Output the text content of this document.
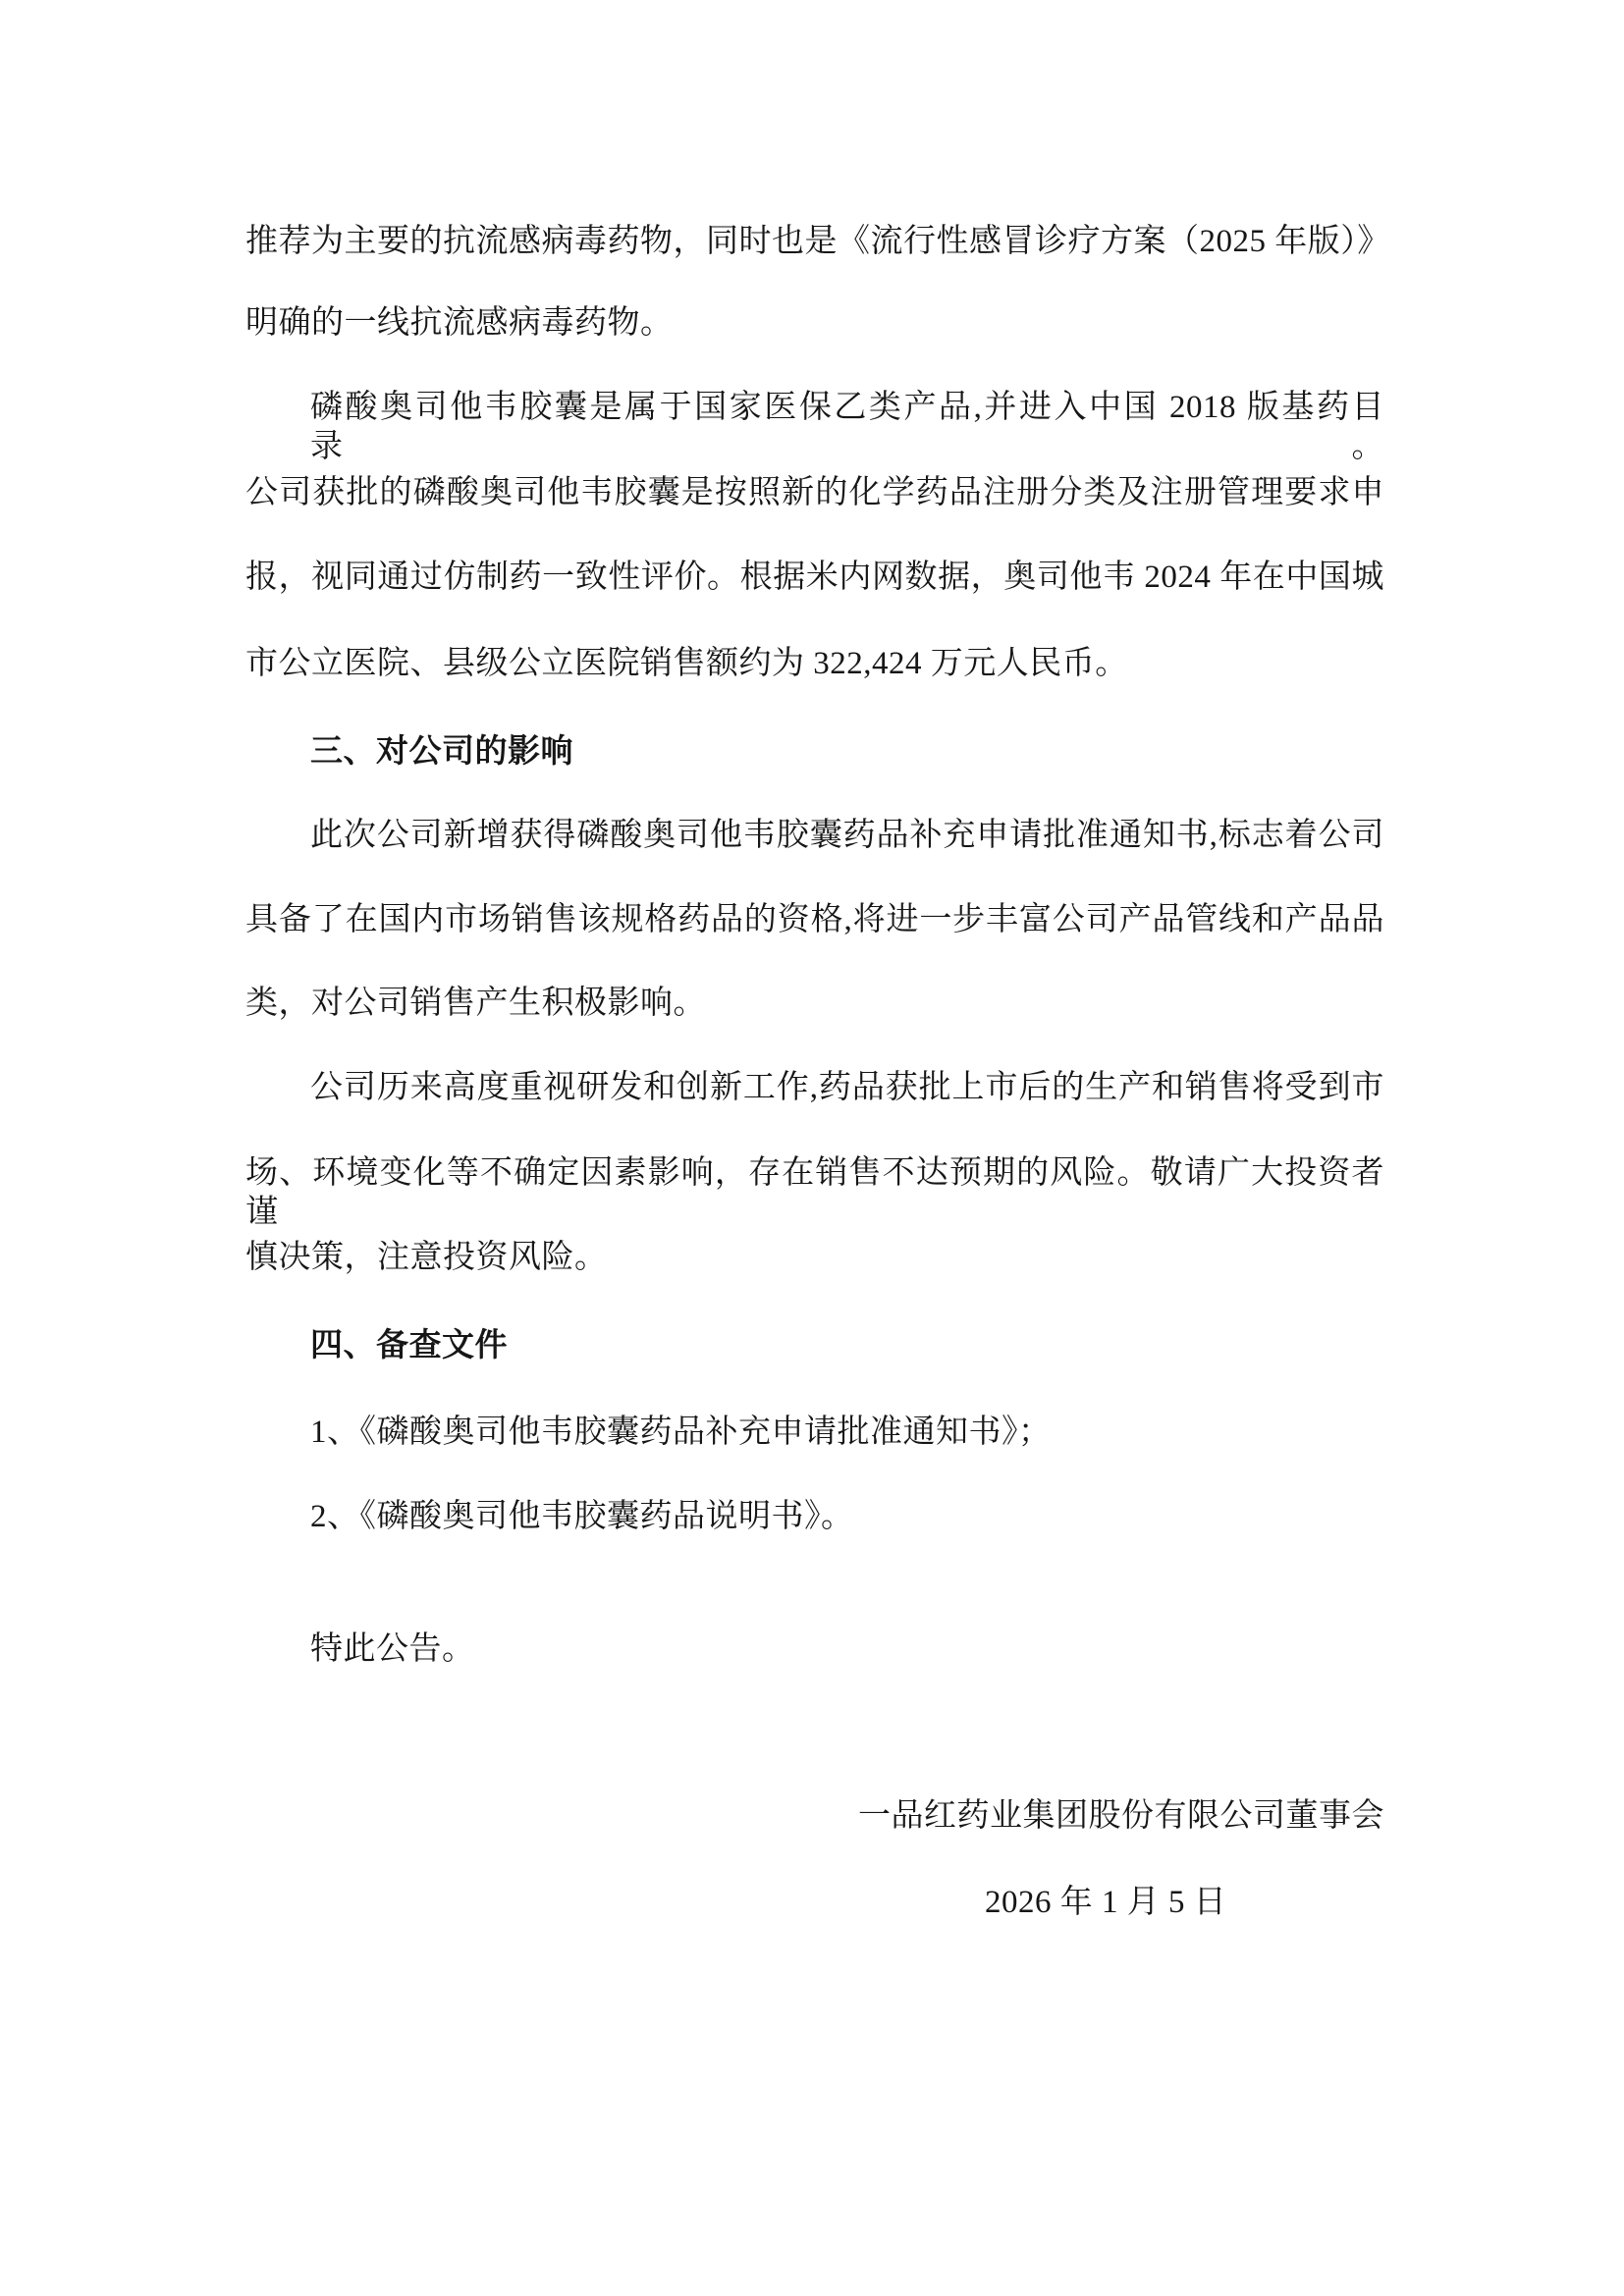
推荐为主要的抗流感病毒药物，同时也是《流行性感冒诊疗方案（2025 年版）》
明确的一线抗流感病毒药物。
磷酸奥司他韦胶囊是属于国家医保乙类产品,并进入中国 2018 版基药目录。
公司获批的磷酸奥司他韦胶囊是按照新的化学药品注册分类及注册管理要求申
报，视同通过仿制药一致性评价。根据米内网数据，奥司他韦 2024 年在中国城
市公立医院、县级公立医院销售额约为 322,424 万元人民币。
三、对公司的影响
此次公司新增获得磷酸奥司他韦胶囊药品补充申请批准通知书,标志着公司
具备了在国内市场销售该规格药品的资格,将进一步丰富公司产品管线和产品品
类，对公司销售产生积极影响。
公司历来高度重视研发和创新工作,药品获批上市后的生产和销售将受到市
场、环境变化等不确定因素影响，存在销售不达预期的风险。敬请广大投资者谨
慎决策，注意投资风险。
四、备查文件
1、《磷酸奥司他韦胶囊药品补充申请批准通知书》；
2、《磷酸奥司他韦胶囊药品说明书》。
特此公告。
一品红药业集团股份有限公司董事会
2026 年 1 月 5 日
